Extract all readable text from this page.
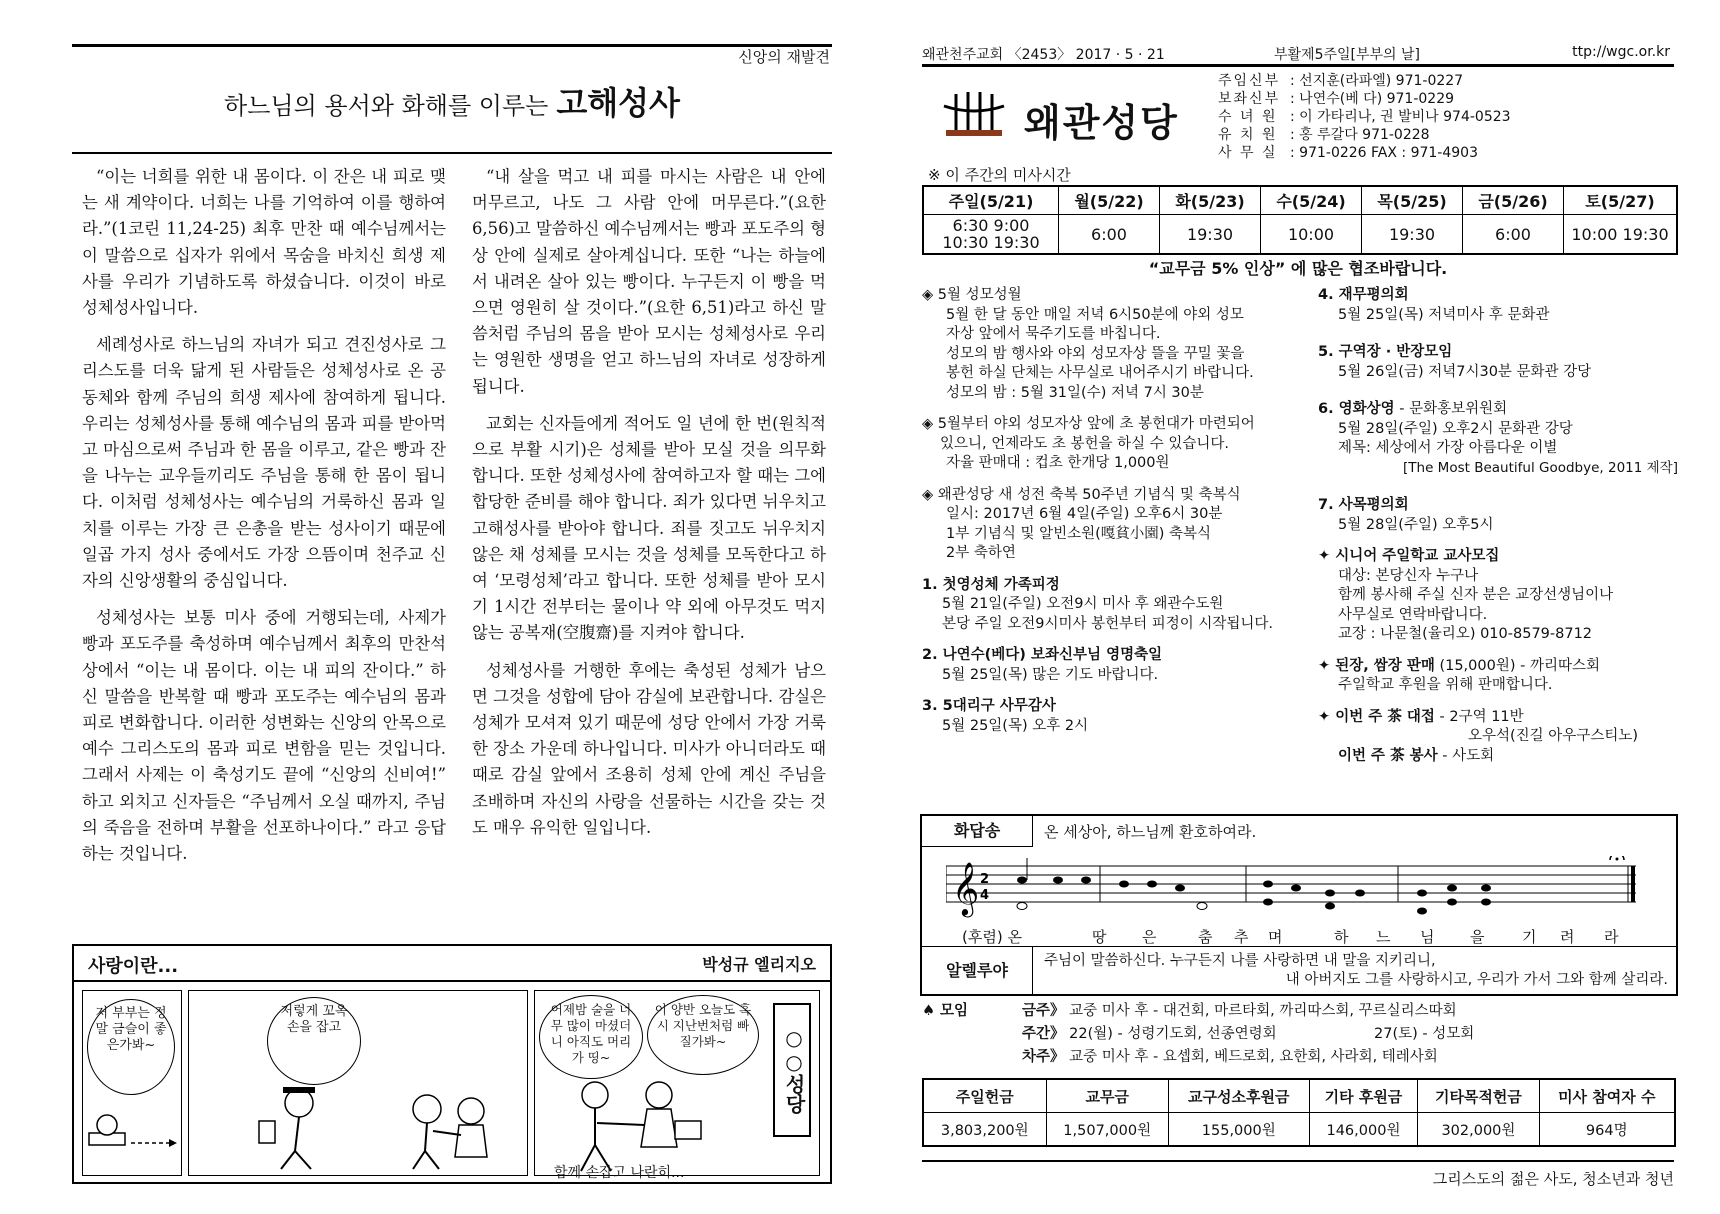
신앙의 재발견
하느님의 용서와 화해를 이루는 고해성사

“이는 너희를 위한 내 몸이다. 이 잔은 내 피로 맺는 새 계약이다. 너희는 나를 기억하여 이를 행하여라.”(1코린 11,24-25) 최후 만찬 때 예수님께서는 이 말씀으로 십자가 위에서 목숨을 바치신 희생 제사를 우리가 기념하도록 하셨습니다. 이것이 바로 성체성사입니다.

세례성사로 하느님의 자녀가 되고 견진성사로 그리스도를 더욱 닮게 된 사람들은 성체성사로 온 공동체와 함께 주님의 희생 제사에 참여하게 됩니다. 우리는 성체성사를 통해 예수님의 몸과 피를 받아먹고 마심으로써 주님과 한 몸을 이루고, 같은 빵과 잔을 나누는 교우들끼리도 주님을 통해 한 몸이 됩니다. 이처럼 성체성사는 예수님의 거룩하신 몸과 일치를 이루는 가장 큰 은총을 받는 성사이기 때문에 일곱 가지 성사 중에서도 가장 으뜸이며 천주교 신자의 신앙생활의 중심입니다.

성체성사는 보통 미사 중에 거행되는데, 사제가 빵과 포도주를 축성하며 예수님께서 최후의 만찬석상에서 “이는 내 몸이다. 이는 내 피의 잔이다.” 하신 말씀을 반복할 때 빵과 포도주는 예수님의 몸과 피로 변화합니다. 이러한 성변화는 신앙의 안목으로 예수 그리스도의 몸과 피로 변함을 믿는 것입니다. 그래서 사제는 이 축성기도 끝에 “신앙의 신비여!” 하고 외치고 신자들은 “주님께서 오실 때까지, 주님의 죽음을 전하며 부활을 선포하나이다.” 라고 응답하는 것입니다.

“내 살을 먹고 내 피를 마시는 사람은 내 안에 머무르고, 나도 그 사람 안에 머무른다.”(요한 6,56)고 말씀하신 예수님께서는 빵과 포도주의 형상 안에 실제로 살아계십니다. 또한 “나는 하늘에서 내려온 살아 있는 빵이다. 누구든지 이 빵을 먹으면 영원히 살 것이다.”(요한 6,51)라고 하신 말씀처럼 주님의 몸을 받아 모시는 성체성사로 우리는 영원한 생명을 얻고 하느님의 자녀로 성장하게 됩니다.

교회는 신자들에게 적어도 일 년에 한 번(원칙적으로 부활 시기)은 성체를 받아 모실 것을 의무화합니다. 또한 성체성사에 참여하고자 할 때는 그에 합당한 준비를 해야 합니다. 죄가 있다면 뉘우치고 고해성사를 받아야 합니다. 죄를 짓고도 뉘우치지 않은 채 성체를 모시는 것을 성체를 모독한다고 하여 ‘모령성체’라고 합니다. 또한 성체를 받아 모시기 1시간 전부터는 물이나 약 외에 아무것도 먹지 않는 공복재(空腹齋)를 지켜야 합니다.

성체성사를 거행한 후에는 축성된 성체가 남으면 그것을 성합에 담아 감실에 보관합니다. 감실은 성체가 모셔져 있기 때문에 성당 안에서 가장 거룩한 장소 가운데 하나입니다. 미사가 아니더라도 때때로 감실 앞에서 조용히 성체 안에 계신 주님을 조배하며 자신의 사랑을 선물하는 시간을 갖는 것도 매우 유익한 일입니다.

사랑이란...	박성규 엘리지오
저 부부는 정말 금슬이 좋은가봐~
저렇게 꼬옥 손을 잡고
어제밤 술을 너무 많이 마셨더니 아직도 머리가 띵~
이 양반 오늘도 혹시 지난번처럼 빠질가봐~	○○성당
함께 손잡고 나란히...
왜관천주교회 〈2453〉 2017 · 5 · 21	부활제5주일[부부의 날]	ttp://wgc.or.kr
왜관성당
주임신부 : 선지훈(라파엘) 971-0227
보좌신부 : 나연수(베 다) 971-0229
수 녀 원 : 이 가타리나, 권 발비나 974-0523
유 치 원 : 홍 루갈다 971-0228
사 무 실 : 971-0226 FAX : 971-4903
※ 이 주간의 미사시간
주일(5/21)	월(5/22)	화(5/23)	수(5/24)	목(5/25)	금(5/26)	토(5/27)

6:30 9:00
10:30 19:30	6:00	19:30	10:00	19:30	6:00	10:00 19:30
“교무금 5% 인상” 에 많은 협조바랍니다.
◈ 5월 성모성월
5월 한 달 동안 매일 저녁 6시50분에 야외 성모
자상 앞에서 묵주기도를 바칩니다.
성모의 밤 행사와 야외 성모자상 뜰을 꾸밀 꽃을
봉헌 하실 단체는 사무실로 내어주시기 바랍니다.
성모의 밤 : 5월 31일(수) 저녁 7시 30분
◈ 5월부터 야외 성모자상 앞에 초 봉헌대가 마련되어
있으니, 언제라도 초 봉헌을 하실 수 있습니다.
자율 판매대 : 컵초 한개당 1,000원
◈ 왜관성당 새 성전 축복 50주년 기념식 및 축복식
일시: 2017년 6월 4일(주일) 오후6시 30분
1부 기념식 및 알빈소원(嘎貧小園) 축복식
2부 축하연
1. 첫영성체 가족피정
5월 21일(주일) 오전9시 미사 후 왜관수도원
본당 주일 오전9시미사 봉헌부터 피정이 시작됩니다.
2. 나연수(베다) 보좌신부님 영명축일
5월 25일(목) 많은 기도 바랍니다.
3. 5대리구 사무감사
5월 25일(목) 오후 2시
4. 재무평의회
5월 25일(목) 저녁미사 후 문화관
5. 구역장 · 반장모임
5월 26일(금) 저녁7시30분 문화관 강당
6. 영화상영 - 문화홍보위원회
5월 28일(주일) 오후2시 문화관 강당
제목: 세상에서 가장 아름다운 이별
[The Most Beautiful Goodbye, 2011 제작]
7. 사목평의회
5월 28일(주일) 오후5시
✦ 시니어 주일학교 교사모집
대상: 본당신자 누구나
함께 봉사해 주실 신자 분은 교장선생님이나
사무실로 연락바랍니다.
교장 : 나문철(율리오) 010-8579-8712
✦ 된장, 쌈장 판매 (15,000원) - 까리따스회
주일학교 후원을 위해 판매합니다.
✦ 이번 주 茶 대접 - 2구역 11반
오우석(진길 아우구스티노)
이번 주 茶 봉사 - 사도회
화답송	온 세상아, 하느님께 환호하여라.
𝄞 2
4
(후렴) 온	땅 은	춤 추 며	하 느 님 을	기 려 라
알렐루야	주님이 말씀하신다. 누구든지 나를 사랑하면 내 말을 지키리니,
내 아버지도 그를 사랑하시고, 우리가 가서 그와 함께 살리라.
♠ 모임	금주》 교중 미사 후 - 대건회, 마르타회, 까리따스회, 꾸르실리스따회
주간》 22(월) - 성령기도회, 선종연령회	27(토) - 성모회
차주》 교중 미사 후 - 요셉회, 베드로회, 요한회, 사라회, 테레사회
주일헌금	교무금	교구성소후원금	기타 후원금	기타목적헌금	미사 참여자 수
3,803,200원	1,507,000원	155,000원	146,000원	302,000원	964명
그리스도의 젊은 사도, 청소년과 청년
